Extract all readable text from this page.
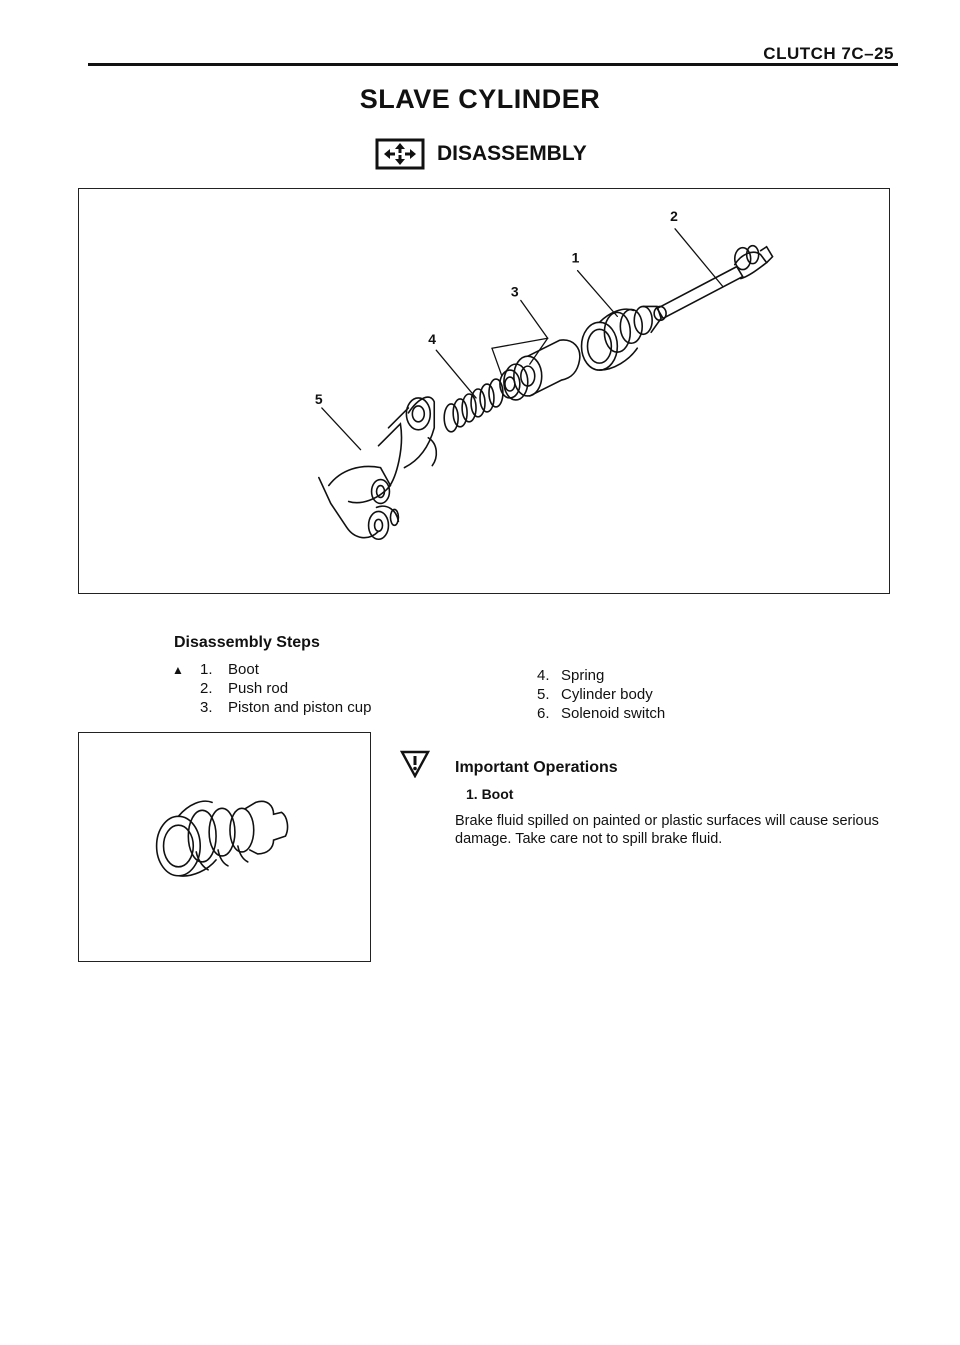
CLUTCH 7C–25
SLAVE CYLINDER
DISASSEMBLY
2
1
3
4
5
Disassembly Steps
▲ 1. Boot
2. Push rod
3. Piston and piston cup
4. Spring
5. Cylinder body
6. Solenoid switch
Important Operations
1. Boot
Brake fluid spilled on painted or plastic surfaces will cause serious damage. Take care not to spill brake fluid.
